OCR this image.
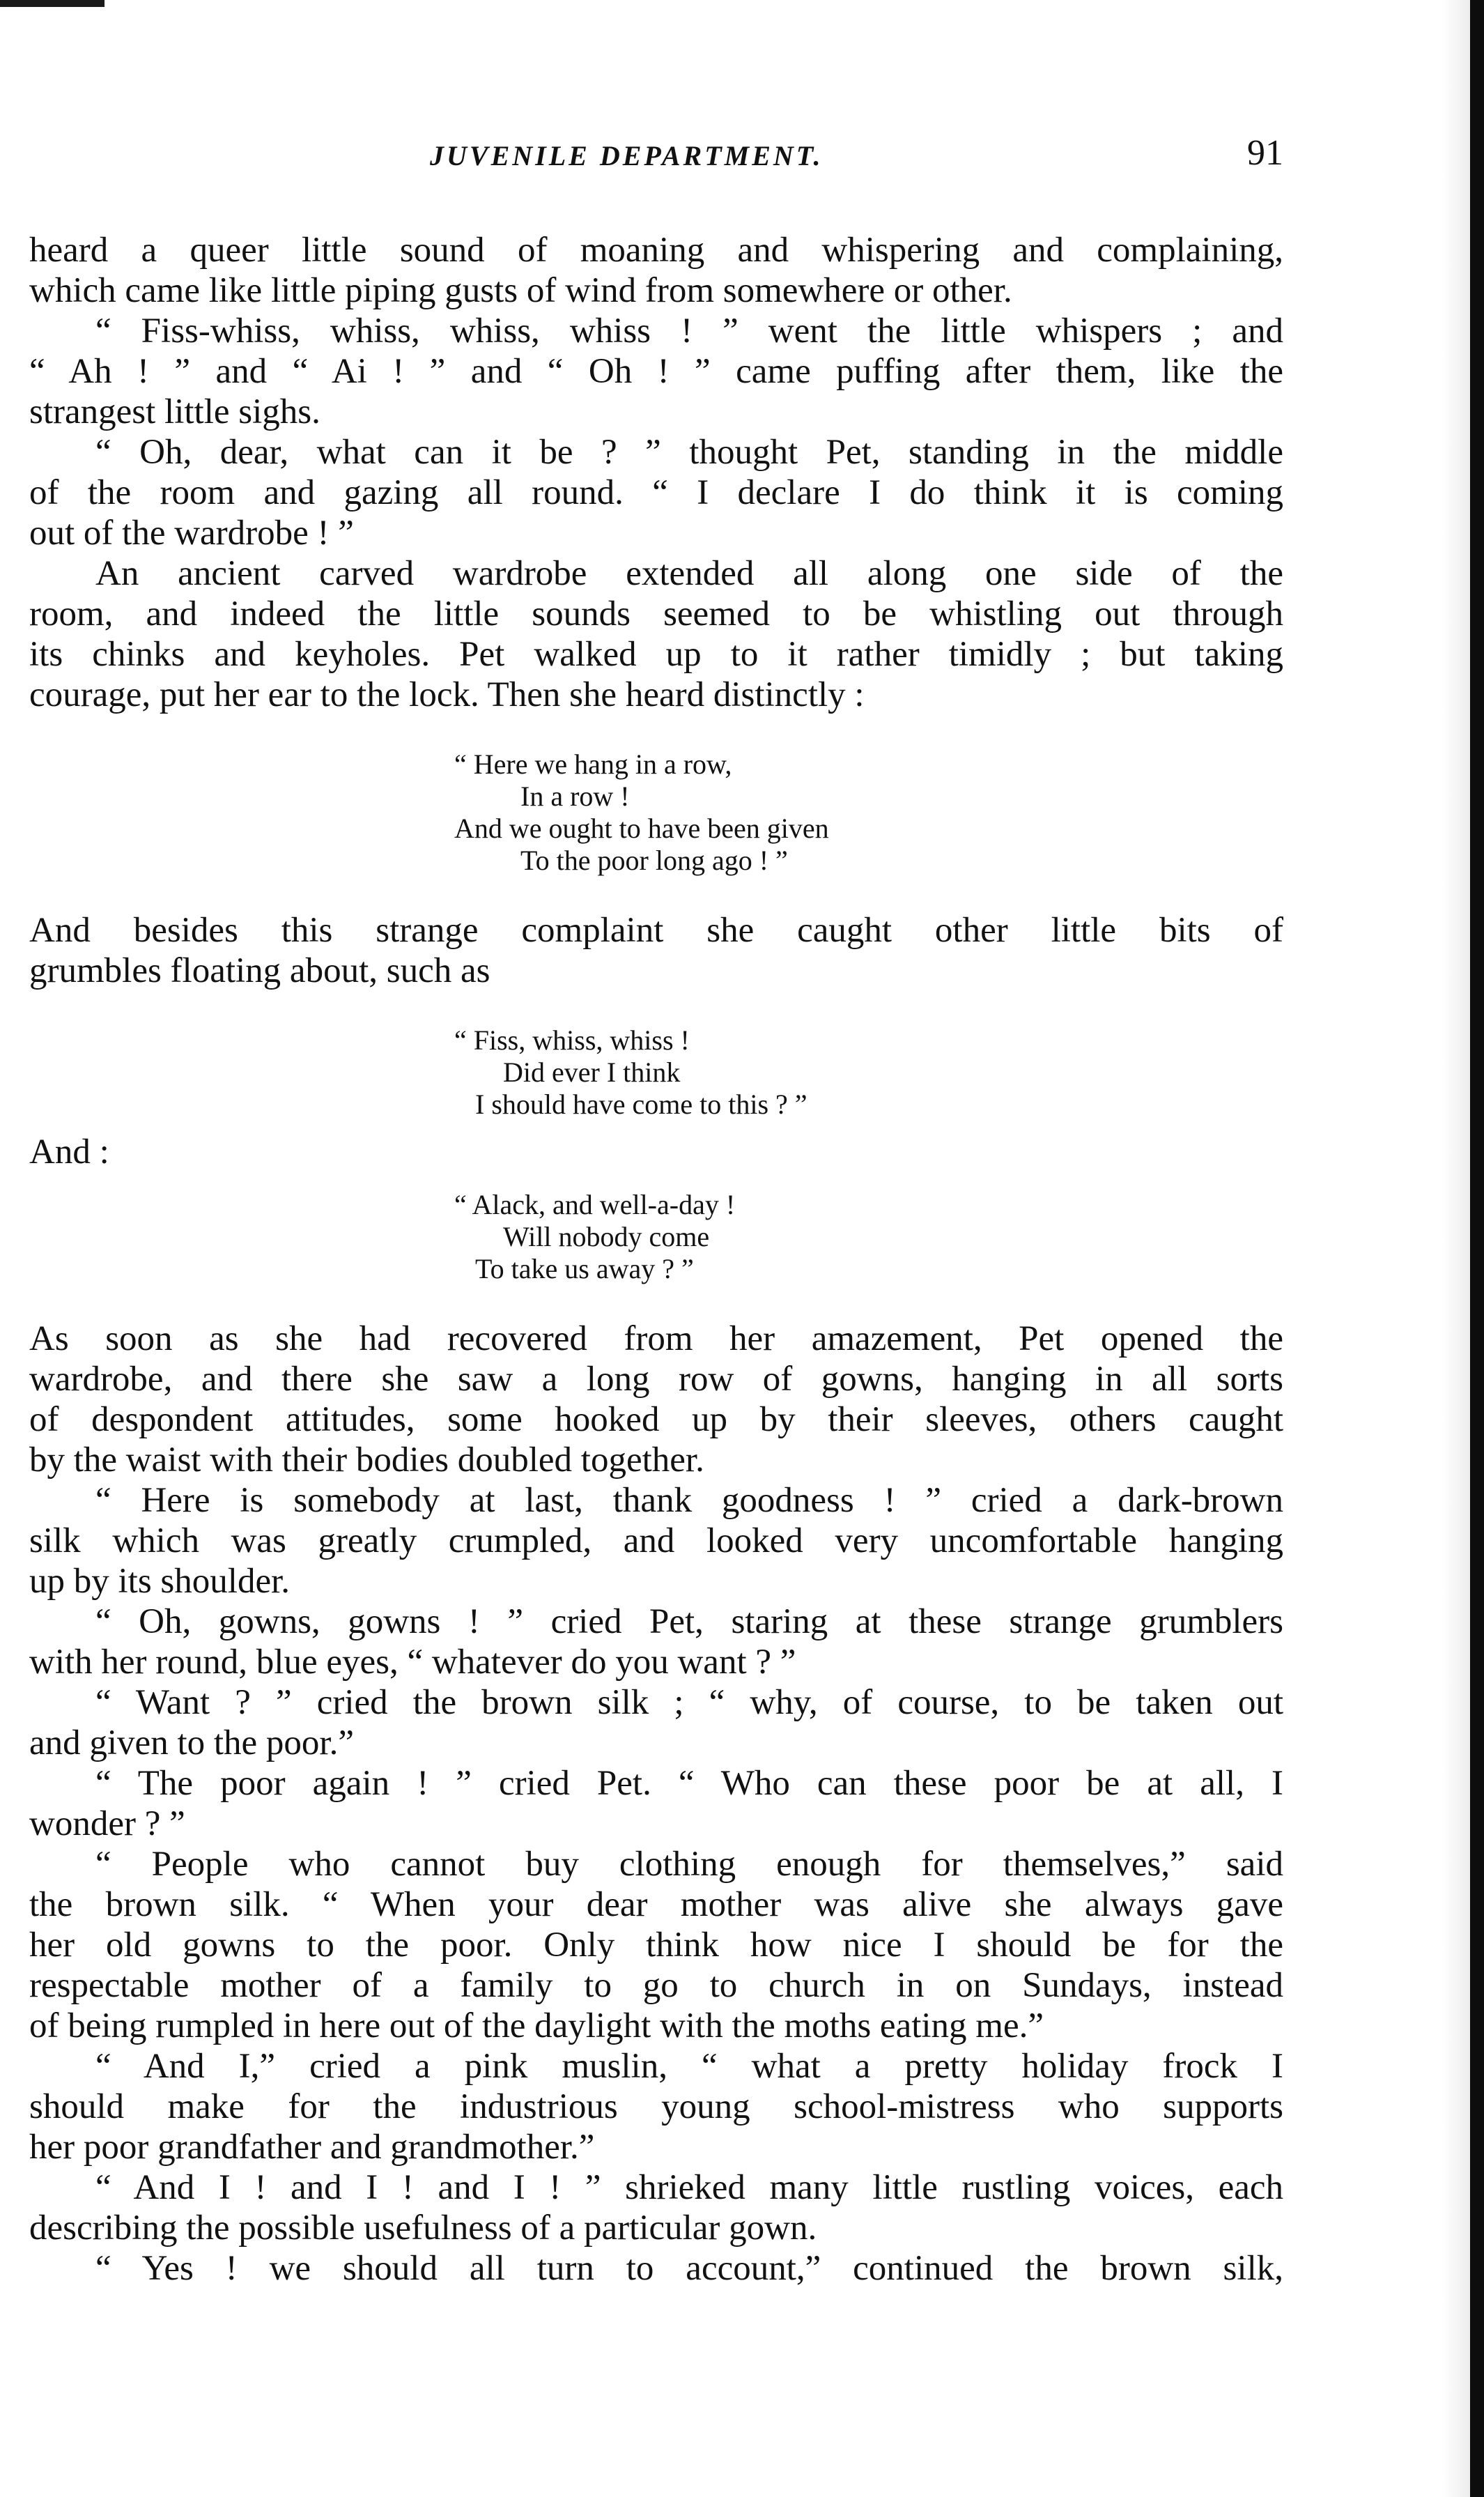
JUVENILE DEPARTMENT.	91
heard a queer little sound of moaning and whispering and complaining,
which came like little piping gusts of wind from somewhere or other.
“ Fiss-whiss, whiss, whiss, whiss ! ” went the little whispers ; and
“ Ah ! ” and “ Ai ! ” and “ Oh ! ” came puffing after them, like the
strangest little sighs.
“ Oh, dear, what can it be ? ” thought Pet, standing in the middle
of the room and gazing all round. “ I declare I do think it is coming
out of the wardrobe ! ”
An ancient carved wardrobe extended all along one side of the
room, and indeed the little sounds seemed to be whistling out through
its chinks and keyholes. Pet walked up to it rather timidly ; but taking
courage, put her ear to the lock. Then she heard distinctly :
“ Here we hang in a row,
In a row !
And we ought to have been given
To the poor long ago ! ”
And besides this strange complaint she caught other little bits of
grumbles floating about, such as
“ Fiss, whiss, whiss !
Did ever I think
I should have come to this ? ”
And :
“ Alack, and well-a-day !
Will nobody come
To take us away ? ”
As soon as she had recovered from her amazement, Pet opened the
wardrobe, and there she saw a long row of gowns, hanging in all sorts
of despondent attitudes, some hooked up by their sleeves, others caught
by the waist with their bodies doubled together.
“ Here is somebody at last, thank goodness ! ” cried a dark-brown
silk which was greatly crumpled, and looked very uncomfortable hanging
up by its shoulder.
“ Oh, gowns, gowns ! ” cried Pet, staring at these strange grumblers
with her round, blue eyes, “ whatever do you want ? ”
“ Want ? ” cried the brown silk ; “ why, of course, to be taken out
and given to the poor.”
“ The poor again ! ” cried Pet. “ Who can these poor be at all, I
wonder ? ”
“ People who cannot buy clothing enough for themselves,” said
the brown silk. “ When your dear mother was alive she always gave
her old gowns to the poor. Only think how nice I should be for the
respectable mother of a family to go to church in on Sundays, instead
of being rumpled in here out of the daylight with the moths eating me.”
“ And I,” cried a pink muslin, “ what a pretty holiday frock I
should make for the industrious young school-mistress who supports
her poor grandfather and grandmother.”
“ And I ! and I ! and I ! ” shrieked many little rustling voices, each
describing the possible usefulness of a particular gown.
“ Yes ! we should all turn to account,” continued the brown silk,
